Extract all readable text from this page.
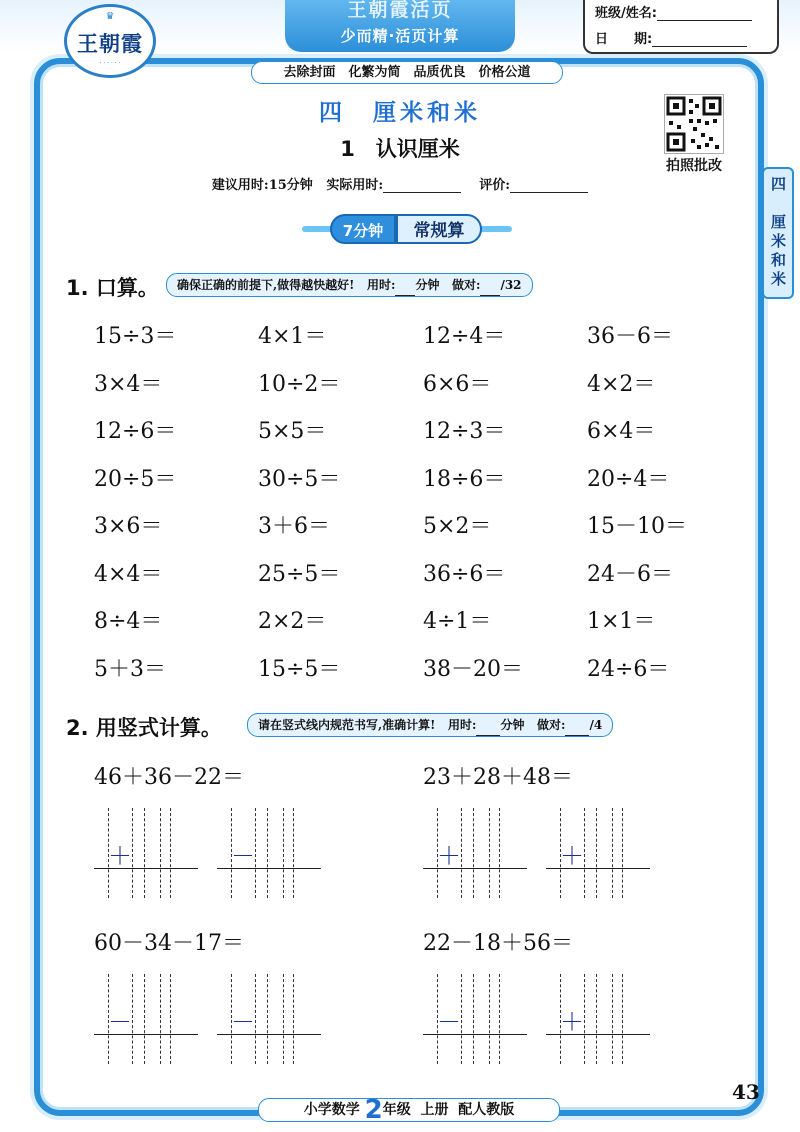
♛
王朝霞
· · · · · ·
王朝霞活页
少而精·活页计算
班级/姓名:
日　　期:
去除封面　化繁为简　品质优良　价格公道
四　厘米和米
1　认识厘米
建议用时:15分钟 实际用时:	评价:
拍照批改
四　厘米和米
7分钟	常规算
1. 口算。	确保正确的前提下,做得越快越好! 用时: 分钟 做对: /32
15÷3＝	4×1＝	12÷4＝	36－6＝
3×4＝	10÷2＝	6×6＝	4×2＝
12÷6＝	5×5＝	12÷3＝	6×4＝
20÷5＝	30÷5＝	18÷6＝	20÷4＝
3×6＝	3＋6＝	5×2＝	15－10＝
4×4＝	25÷5＝	36÷6＝	24－6＝
8÷4＝	2×2＝	4÷1＝	1×1＝
5＋3＝	15÷5＝	38－20＝	24÷6＝
2. 用竖式计算。	请在竖式线内规范书写,准确计算! 用时: 分钟 做对: /4
46＋36－22＝
＋	－
23＋28＋48＝
＋	＋
60－34－17＝
－	－
22－18＋56＝
－	＋
小学数学 2年级 上册 配人教版
43
